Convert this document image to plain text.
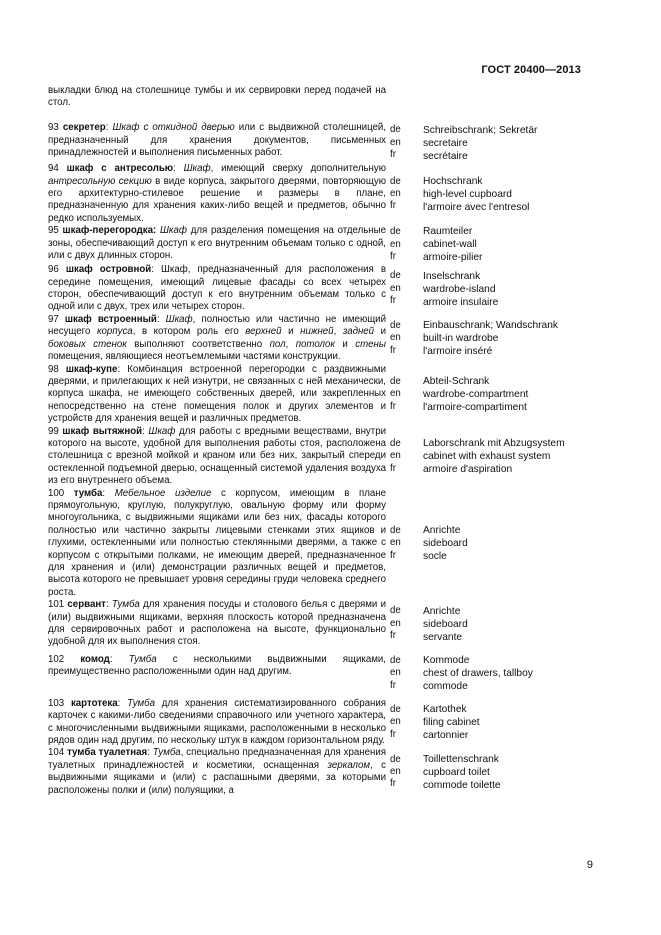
ГОСТ 20400—2013
выкладки блюд на столешнице тумбы и их сервировки перед подачей на стол.
93 секретер: Шкаф с откидной дверью или с выдвижной столешницей, предназначенный для хранения документов, письменных принадлежностей и выполнения письменных работ.
de
en
fr
Schreibschrank; Sekretär
secretaire
secrétaire
94 шкаф с антресолью: Шкаф, имеющий сверху дополнительную антресольную секцию в виде корпуса, закрытого дверями, повторяющую его архитектурно-стилевое решение и размеры в плане, предназначенную для хранения каких-либо вещей и предметов, обычно редко используемых.
de
en
fr
Hochschrank
high-level cupboard
l'armoire avec l'entresol
95 шкаф-перегородка: Шкаф для разделения помещения на отдельные зоны, обеспечивающий доступ к его внутренним объемам только с одной, или с двух длинных сторон.
de
en
fr
Raumteiler
cabinet-wall
armoire-pilier
96 шкаф островной: Шкаф, предназначенный для расположения в середине помещения, имеющий лицевые фасады со всех четырех сторон, обеспечивающий доступ к его внутренним объемам только с одной или с двух, трех или четырех сторон.
de
en
fr
Inselschrank
wardrobe-island
armoire insulaire
97 шкаф встроенный: Шкаф, полностью или частично не имеющий несущего корпуса, в котором роль его верхней и нижней, задней и боковых стенок выполняют соответственно пол, потолок и стены помещения, являющиеся неотъемлемыми частями конструкции.
de
en
fr
Einbauschrank; Wandschrank
built-in wardrobe
l'armoire inséré
98 шкаф-купе: Комбинация встроенной перегородки с раздвижными дверями, и прилегающих к ней изнутри, не связанных с ней механически, корпуса шкафа, не имеющего собственных дверей, или закрепленных непосредственно на стене помещения полок и других элементов и устройств для хранения вещей и различных предметов.
de
en
fr
Abteil-Schrank
wardrobe-compartment
l'armoire-compartiment
99 шкаф вытяжной: Шкаф для работы с вредными веществами, внутри которого на высоте, удобной для выполнения работы стоя, расположена столешница с врезной мойкой и краном или без них, закрытый спереди остекленной подъемной дверью, оснащенный системой удаления воздуха из его внутреннего объема.
de
en
fr
Laborschrank mit Abzugsystem
cabinet with exhaust system
armoire d'aspiration
100 тумба: Мебельное изделие с корпусом, имеющим в плане прямоугольную, круглую, полукруглую, овальную форму или форму многоугольника, с выдвижными ящиками или без них, фасады которого полностью или частично закрыты лицевыми стенками этих ящиков и глухими, остекленными или полностью стеклянными дверями, а также с корпусом с открытыми полками, не имеющим дверей, предназначенное для хранения и (или) демонстрации различных вещей и предметов, высота которого не превышает уровня середины груди человека среднего роста.
de
en
fr
Anrichte
sideboard
socle
101 сервант: Тумба для хранения посуды и столового белья с дверями и (или) выдвижными ящиками, верхняя плоскость которой предназначена для сервировочных работ и расположена на высоте, функционально удобной для их выполнения стоя.
de
en
fr
Anrichte
sideboard
servante
102 комод: Тумба с несколькими выдвижными ящиками, преимущественно расположенными один над другим.
de
en
fr
Kommode
chest of drawers, tallboy
commode
103 картотека: Тумба для хранения систематизированного собрания карточек с какими-либо сведениями справочного или учетного характера, с многочисленными выдвижными ящиками, расположенными в несколько рядов один над другим, по нескольку штук в каждом горизонтальном ряду.
de
en
fr
Kartothek
filing cabinet
cartonnier
104 тумба туалетная: Тумба, специально предназначенная для хранения туалетных принадлежностей и косметики, оснащенная зеркалом, с выдвижными ящиками и (или) с распашными дверями, за которыми расположены полки и (или) полуящики, а
de
en
fr
Toillettenschrank
cupboard toilet
commode toilette
9
